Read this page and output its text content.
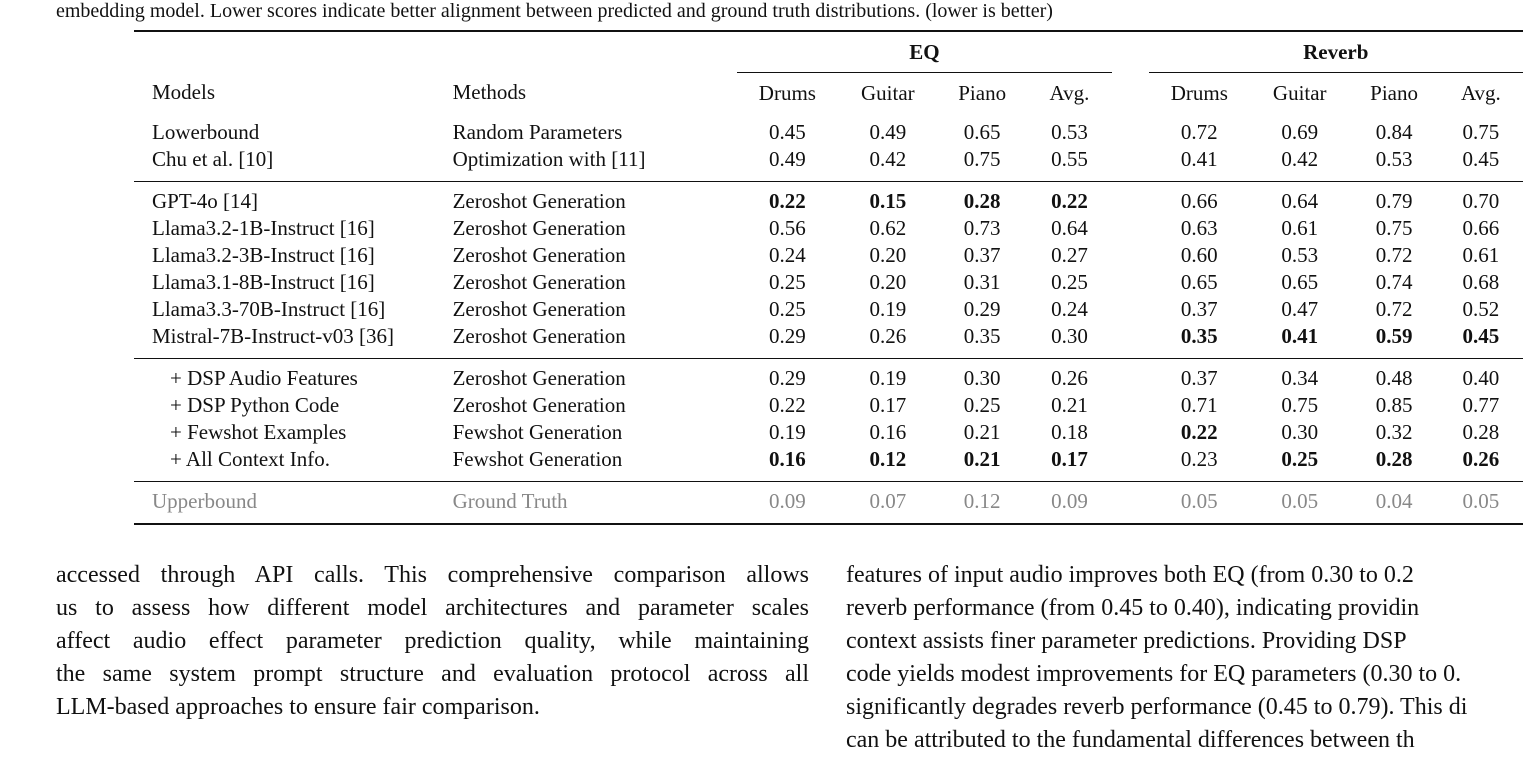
embedding model. Lower scores indicate better alignment between predicted and ground truth distributions. (lower is better)
		EQ					Reverb			
Models	Methods	Drums	Guitar	Piano	Avg.		Drums	Guitar	Piano	Avg.
Lowerbound	Random Parameters	0.45	0.49	0.65	0.53		0.72	0.69	0.84	0.75
Chu et al. [10]	Optimization with [11]	0.49	0.42	0.75	0.55		0.41	0.42	0.53	0.45
GPT-4o [14]	Zeroshot Generation	0.22	0.15	0.28	0.22		0.66	0.64	0.79	0.70
Llama3.2-1B-Instruct [16]	Zeroshot Generation	0.56	0.62	0.73	0.64		0.63	0.61	0.75	0.66
Llama3.2-3B-Instruct [16]	Zeroshot Generation	0.24	0.20	0.37	0.27		0.60	0.53	0.72	0.61
Llama3.1-8B-Instruct [16]	Zeroshot Generation	0.25	0.20	0.31	0.25		0.65	0.65	0.74	0.68
Llama3.3-70B-Instruct [16]	Zeroshot Generation	0.25	0.19	0.29	0.24		0.37	0.47	0.72	0.52
Mistral-7B-Instruct-v03 [36]	Zeroshot Generation	0.29	0.26	0.35	0.30		0.35	0.41	0.59	0.45
+ DSP Audio Features	Zeroshot Generation	0.29	0.19	0.30	0.26		0.37	0.34	0.48	0.40
+ DSP Python Code	Zeroshot Generation	0.22	0.17	0.25	0.21		0.71	0.75	0.85	0.77
+ Fewshot Examples	Fewshot Generation	0.19	0.16	0.21	0.18		0.22	0.30	0.32	0.28
+ All Context Info.	Fewshot Generation	0.16	0.12	0.21	0.17		0.23	0.25	0.28	0.26
Upperbound	Ground Truth	0.09	0.07	0.12	0.09		0.05	0.05	0.04	0.05

accessed through API calls. This comprehensive comparison allows

us to assess how different model architectures and parameter scales

affect audio effect parameter prediction quality, while maintaining

the same system prompt structure and evaluation protocol across all

LLM-based approaches to ensure fair comparison.

features of input audio improves both EQ (from 0.30 to 0.2

reverb performance (from 0.45 to 0.40), indicating providin

context assists finer parameter predictions. Providing DSP

code yields modest improvements for EQ parameters (0.30 to 0.

significantly degrades reverb performance (0.45 to 0.79). This di

can be attributed to the fundamental differences between th
